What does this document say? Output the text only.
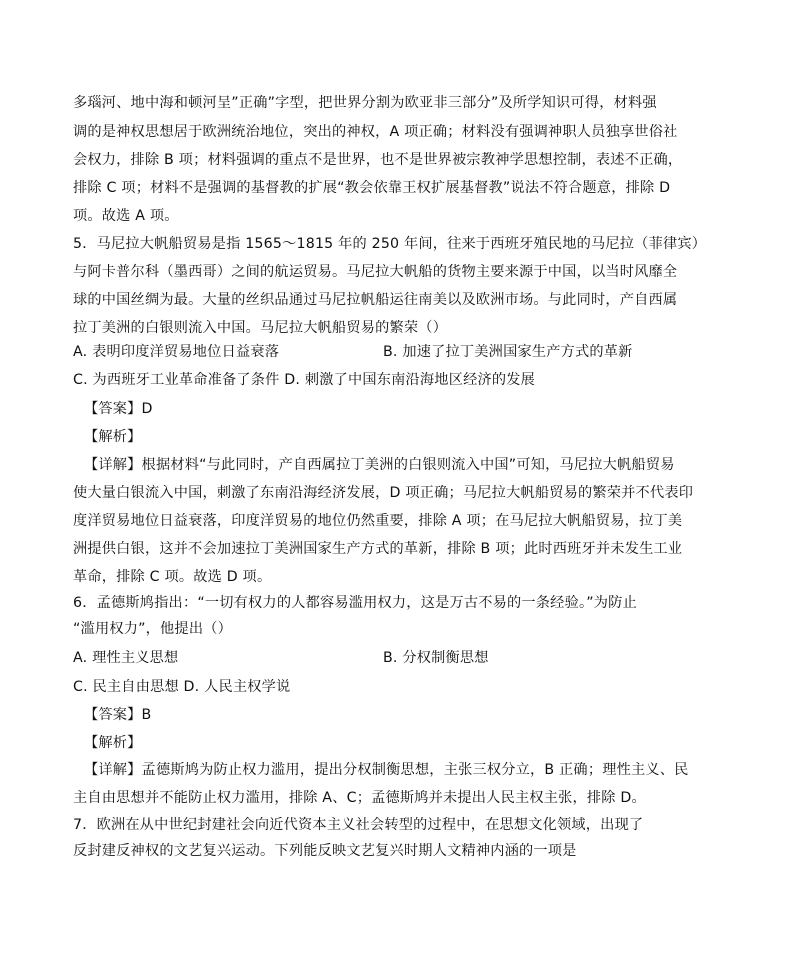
多瑙河、地中海和顿河呈”正确”字型，把世界分割为欧亚非三部分”及所学知识可得，材料强
调的是神权思想居于欧洲统治地位，突出的神权，A 项正确；材料没有强调神职人员独享世俗社
会权力，排除 B 项；材料强调的重点不是世界，也不是世界被宗教神学思想控制，表述不正确，
排除 C 项；材料不是强调的基督教的扩展“教会依靠王权扩展基督教”说法不符合题意，排除 D
项。故选 A 项。
5．马尼拉大帆船贸易是指 1565～1815 年的 250 年间，往来于西班牙殖民地的马尼拉（菲律宾）
与阿卡普尔科（墨西哥）之间的航运贸易。马尼拉大帆船的货物主要来源于中国，以当时风靡全
球的中国丝绸为最。大量的丝织品通过马尼拉帆船运往南美以及欧洲市场。与此同时，产自西属
拉丁美洲的白银则流入中国。马尼拉大帆船贸易的繁荣（）
A. 表明印度洋贸易地位日益衰落	B. 加速了拉丁美洲国家生产方式的革新
C. 为西班牙工业革命准备了条件 D. 刺激了中国东南沿海地区经济的发展
【答案】D
【解析】
【详解】根据材料“与此同时，产自西属拉丁美洲的白银则流入中国”可知，马尼拉大帆船贸易
使大量白银流入中国，刺激了东南沿海经济发展，D 项正确；马尼拉大帆船贸易的繁荣并不代表印
度洋贸易地位日益衰落，印度洋贸易的地位仍然重要，排除 A 项；在马尼拉大帆船贸易，拉丁美
洲提供白银，这并不会加速拉丁美洲国家生产方式的革新，排除 B 项；此时西班牙并未发生工业
革命，排除 C 项。故选 D 项。
6．孟德斯鸠指出：“一切有权力的人都容易滥用权力，这是万古不易的一条经验。”为防止
“滥用权力”，他提出（）
A. 理性主义思想	B. 分权制衡思想
C. 民主自由思想 D. 人民主权学说
【答案】B
【解析】
【详解】孟德斯鸠为防止权力滥用，提出分权制衡思想，主张三权分立，B 正确；理性主义、民
主自由思想并不能防止权力滥用，排除 A、C；孟德斯鸠并未提出人民主权主张，排除 D。
7．欧洲在从中世纪封建社会向近代资本主义社会转型的过程中，在思想文化领域，出现了
反封建反神权的文艺复兴运动。下列能反映文艺复兴时期人文精神内涵的一项是
